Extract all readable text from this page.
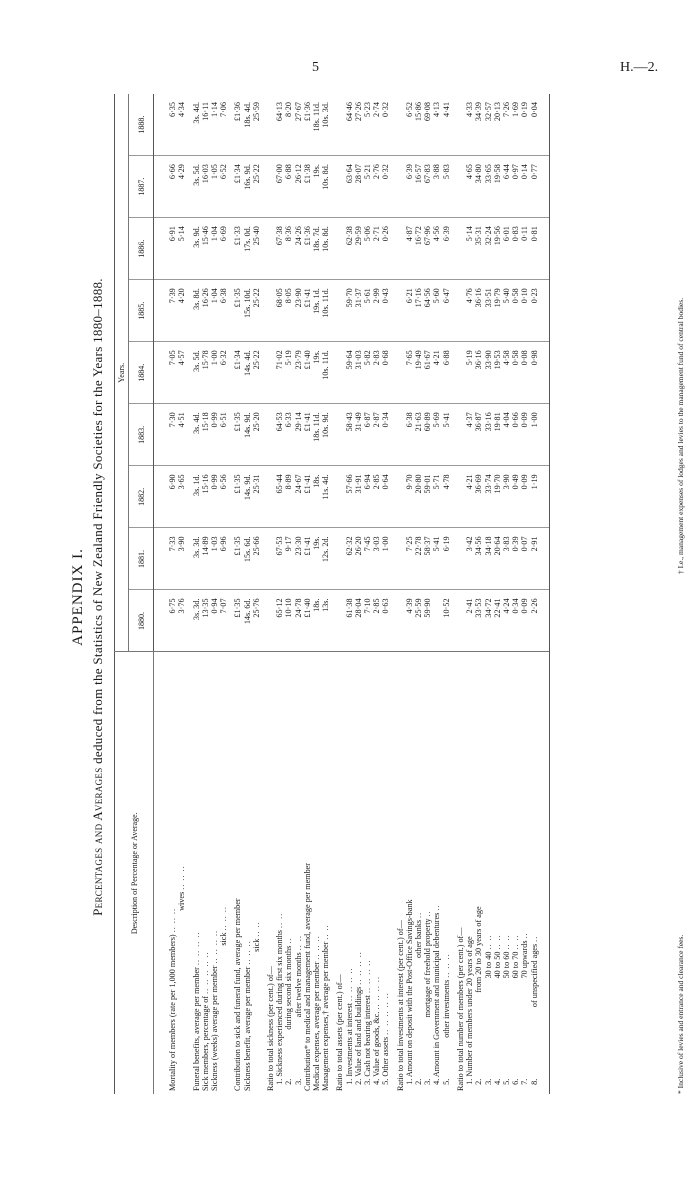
5	H.—2.
APPENDIX I.
Percentages and Averages deduced from the Statistics of New Zealand Friendly Societies for the Years 1880–1888.
Description of Percentage or Average.	Years.								
	1880.	1881.	1882.	1883.	1884.	1885.	1886.	1887.	1888.
Mortality of members (rate per 1,000 members) .. .. ..	6·75	7·33	6·90	7·30	7·05	7·39	6·91	6·66	6·35
wives .. .. ..	3·76	3·90	3·65	4·51	4·57	4·20	5·14	4·29	4·34
Funeral benefits, average per member .. .. .. ..	3s. 3d.	3s. 3d.	3s. 1d.	3s. 4d.	3s. 5d.	3s. 8d.	3s. 9d.	3s. 5d.	3s. 4d.
Sick members, percentage of .. .. .. .. ..	13·35	14·89	15·16	15·18	15·78	16·26	15·46	16·03	16·11
Sickness (weeks) average per member .. .. .. ..	0·94	1·03	0·99	0·99	1·00	1·04	1·04	1·05	1·14
sick .. .. ..	7·07	6·96	6·56	6·51	6·32	6·38	6·69	6·52	7·06
Contribution to sick and funeral fund, average per member	£1·35	£1·35	£1·35	£1·35	£1·34	£1·35	£1·33	£1·34	£1·36
Sickness benefit, average per member .. .. ..	14s. 6d.	15s. 6d.	14s. 9d.	14s. 9d.	14s. 4d.	15s. 10d.	17s. 0d.	16s. 9d.	18s. 4d.
sick .. ..	25·76	25·66	25·31	25·20	25·22	25·22	25·40	25·22	25·59
Ratio to total sickness (per cent.) of—									
1. Sickness experienced during first six months .. ..	65·12	67·53	65·44	64·53	71·02	68·05	67·38	67·00	64·13
2.                        during second six months ..	10·10	9·17	8·89	6·33	5·19	8·05	8·36	6·88	8·20
3.                              after twelve months .. ..	24·78	23·30	24·67	29·14	23·79	23·90	24·26	26·12	27·67
Contribution* to medical and management fund, average per member	£1·40	£1·41	£1·41	£1·41	£1·40	£1·41	£1·36	£1·38	£1·36
Medical expenses, average per member .. .. ..	18s.	19s.	18s.	18s. 11d.	19s.	19s. 1d.	18s. 7d.	19s.	18s. 11d.
Management expenses,† average per member .. ..	13s.	12s. 2d.	11s. 4d.	10s. 9d.	10s. 11d.	10s. 11d.	10s. 8d.	10s. 8d.	10s. 3d.
Ratio to total assets (per cent.) of—									
1. Investments at interest .. .. .. ..	61·38	62·32	57·66	58·43	59·64	59·70	62·38	63·64	64·46
2. Value of land and buildings .. .. .. ..	28·04	26·20	31·91	31·49	31·03	31·37	29·59	28·07	27·26
3. Cash not bearing interest .. .. .. ..	7·10	7·45	6·94	6·87	5·82	5·61	5·06	5·21	5·23
4. Value of goods, &c. .. .. .. ..	2·85	3·03	2·85	2·87	2·83	2·99	2·71	2·76	2·74
5. Other assets .. .. .. .. ..	0·63	1·00	0·64	0·34	0·68	0·43	0·26	0·32	0·32
Ratio to total investments at interest (per cent.) of—									
1. Amount on deposit with the Post-Office Savings-bank	4·39	7·25	9·70	6·38	7·65	6·21	4·87	6·39	6·52
2.                                                           other banks ..	25·59	22·78	20·80	21·63	19·49	17·16	16·72	16·57	15·86
3.                              mortgage of freehold property ..	59·90	58·37	59·01	60·89	61·67	64·56	67·96	67·83	69·08
4. Amount in Government and municipal debentures ..		5·41	5·71	5·69	4·21	5·60	4·56	3·88	4·13
5.                    other investments .. .. ..	10·52	6·19	4·78	5·41	6·88	6·47	6·39	5·83	4·41
Ratio to total number of members (per cent.) of—									
1. Number of members under 20 years of age	2·41	3·42	4·21	4·37	5·19	4·76	5·14	4·65	4·33
2.                                          from 20 to 30 years of age	33·53	34·56	36·69	36·87	36·16	36·16	35·31	34·80	34·39
3.                                                 30 to 40 .. ..	34·72	34·18	33·74	33·16	33·90	33·51	32·24	33·65	32·57
4.                                                 40 to 50 .. ..	22·41	20·64	19·70	19·81	19·53	19·79	19·56	19·58	20·13
5.                                                 50 to 60 .. ..	4·24	3·83	3·90	4·04	4·58	5·40	6·01	6·44	7·26
6.                                                 60 to 70 .. ..	0·34	0·39	0·49	0·66	0·58	0·58	0·83	0·97	1·69
7.                                                 70 upwards ..	0·09	0·07	0·09	0·09	0·08	0·10	0·11	0·14	0·19
8.                                   of unspecified ages ..	2·26	2·91	1·19	1·00	0·98	0·23	0·81	0·77	0·04
* Inclusive of levies and entrance and clearance fees.
† I.e., management expenses of lodges and levies to the management fund of central bodies.
